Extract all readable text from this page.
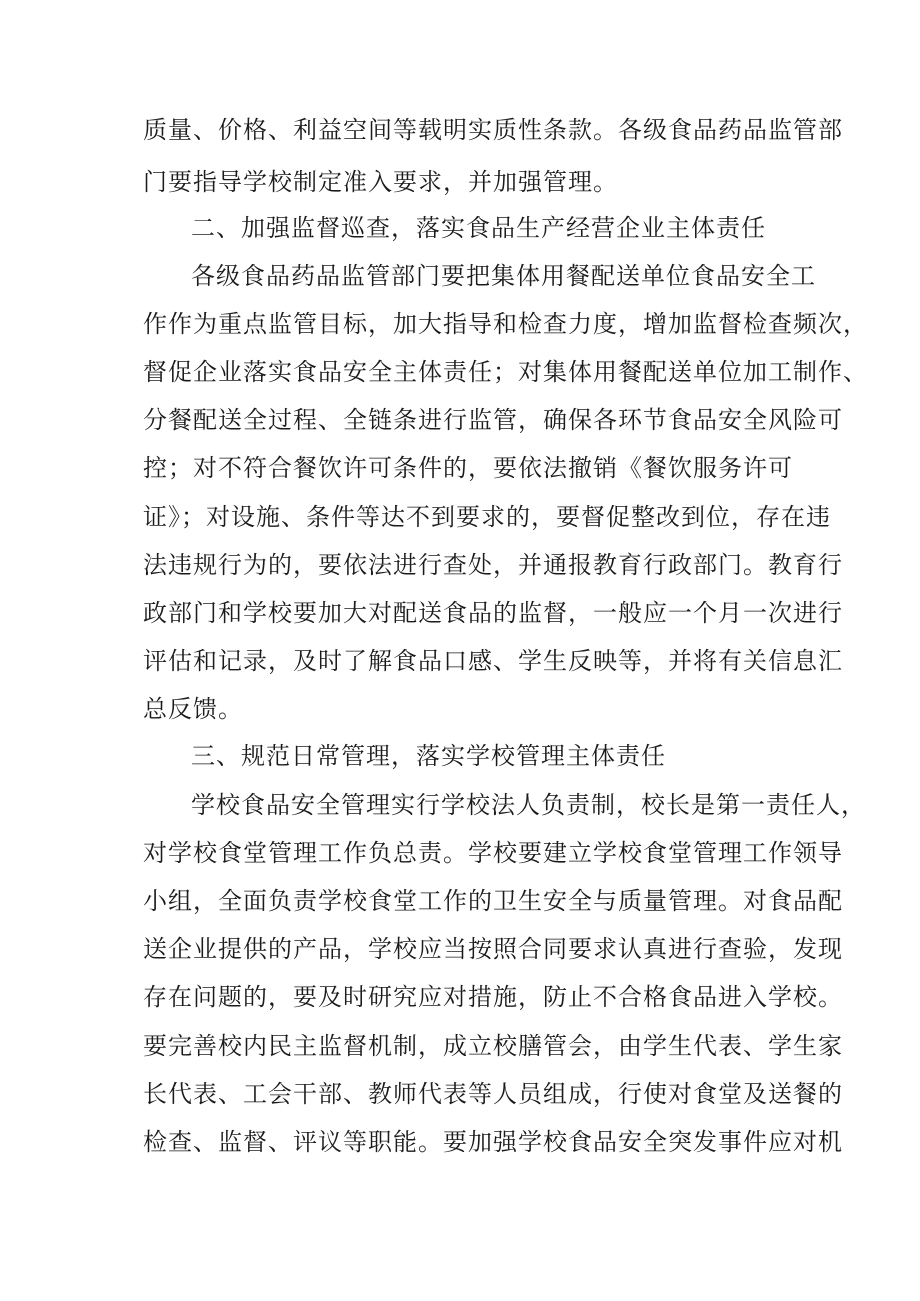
质量、价格、利益空间等载明实质性条款。各级食品药品监管部
门要指导学校制定准入要求，并加强管理。
二、加强监督巡查，落实食品生产经营企业主体责任
各级食品药品监管部门要把集体用餐配送单位食品安全工
作作为重点监管目标，加大指导和检查力度，增加监督检查频次，
督促企业落实食品安全主体责任；对集体用餐配送单位加工制作、
分餐配送全过程、全链条进行监管，确保各环节食品安全风险可
控；对不符合餐饮许可条件的，要依法撤销《餐饮服务许可
证》；对设施、条件等达不到要求的，要督促整改到位，存在违
法违规行为的，要依法进行查处，并通报教育行政部门。教育行
政部门和学校要加大对配送食品的监督，一般应一个月一次进行
评估和记录，及时了解食品口感、学生反映等，并将有关信息汇
总反馈。
三、规范日常管理，落实学校管理主体责任
学校食品安全管理实行学校法人负责制，校长是第一责任人，
对学校食堂管理工作负总责。学校要建立学校食堂管理工作领导
小组，全面负责学校食堂工作的卫生安全与质量管理。对食品配
送企业提供的产品，学校应当按照合同要求认真进行查验，发现
存在问题的，要及时研究应对措施，防止不合格食品进入学校。
要完善校内民主监督机制，成立校膳管会，由学生代表、学生家
长代表、工会干部、教师代表等人员组成，行使对食堂及送餐的
检查、监督、评议等职能。要加强学校食品安全突发事件应对机
